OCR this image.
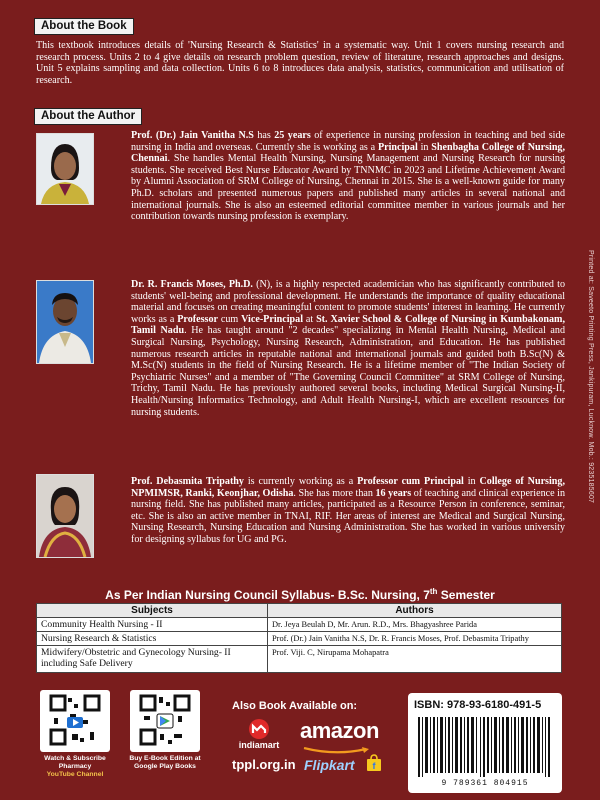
About the Book
This textbook introduces details of 'Nursing Research & Statistics' in a systematic way. Unit 1 covers nursing research and research process. Units 2 to 4 give details on research problem question, review of literature, research approaches and designs. Unit 5 explains sampling and data collection. Units 6 to 8 introduces data analysis, statistics, communication and utilisation of research.
About the Author
Prof. (Dr.) Jain Vanitha N.S has 25 years of experience in nursing profession in teaching and bed side nursing in India and overseas. Currently she is working as a Principal in Shenbagha College of Nursing, Chennai. She handles Mental Health Nursing, Nursing Management and Nursing Research for nursing students. She received Best Nurse Educator Award by TNNMC in 2023 and Lifetime Achievement Award by Alumni Association of SRM College of Nursing, Chennai in 2015. She is a well-known guide for many Ph.D. scholars and presented numerous papers and published many articles in several national and international journals. She is also an esteemed editorial committee member in various journals and her contribution towards nursing profession is exemplary.
Dr. R. Francis Moses, Ph.D. (N), is a highly respected academician who has significantly contributed to students' well-being and professional development. He understands the importance of quality educational material and focuses on creating meaningful content to promote students' interest in learning. He currently works as a Professor cum Vice-Principal at St. Xavier School & College of Nursing in Kumbakonam, Tamil Nadu. He has taught around "2 decades" specializing in Mental Health Nursing, Medical and Surgical Nursing, Psychology, Nursing Research, Administration, and Education. He has published numerous research articles in reputable national and international journals and guided both B.Sc(N) & M.Sc(N) students in the field of Nursing Research. He is a lifetime member of "The Indian Society of Psychiatric Nurses" and a member of "The Governing Council Committee" at SRM College of Nursing, Trichy, Tamil Nadu. He has previously authored several books, including Medical Surgical Nursing-II, Health/Nursing Informatics Technology, and Adult Health Nursing-I, which are excellent resources for nursing students.
Prof. Debasmita Tripathy is currently working as a Professor cum Principal in College of Nursing, NPMIMSR, Ranki, Keonjhar, Odisha. She has more than 16 years of teaching and clinical experience in nursing field. She has published many articles, participated as a Resource Person in conference, seminar, etc. She is also an active member in TNAI, RIF. Her areas of interest are Medical and Surgical Nursing, Nursing Research, Nursing Education and Nursing Administration. She has worked in various university for designing syllabus for UG and PG.
Printed at: Saveeto Printing Press, Jankipuram, Lucknow. Mob.: 9235185607
As Per Indian Nursing Council Syllabus- B.Sc. Nursing, 7th Semester
Subjects	Authors
Community Health Nursing - II	Dr. Jeya Beulah D, Mr. Arun. R.D., Mrs. Bhagyashree Parida
Nursing Research & Statistics	Prof. (Dr.) Jain Vanitha N.S, Dr. R. Francis Moses, Prof. Debasmita Tripathy
Midwifery/Obstetric and Gynecology Nursing- II including Safe Delivery	Prof. Viji. C, Nirupama Mohapatra
Watch & Subscribe
Pharmacy
YouTube Channel
Buy E-Book Edition at
Google Play Books
Also Book Available on:
indiamart
amazon
tppl.org.in Flipkart f
ISBN: 978-93-6180-491-5
9 789361 804915
